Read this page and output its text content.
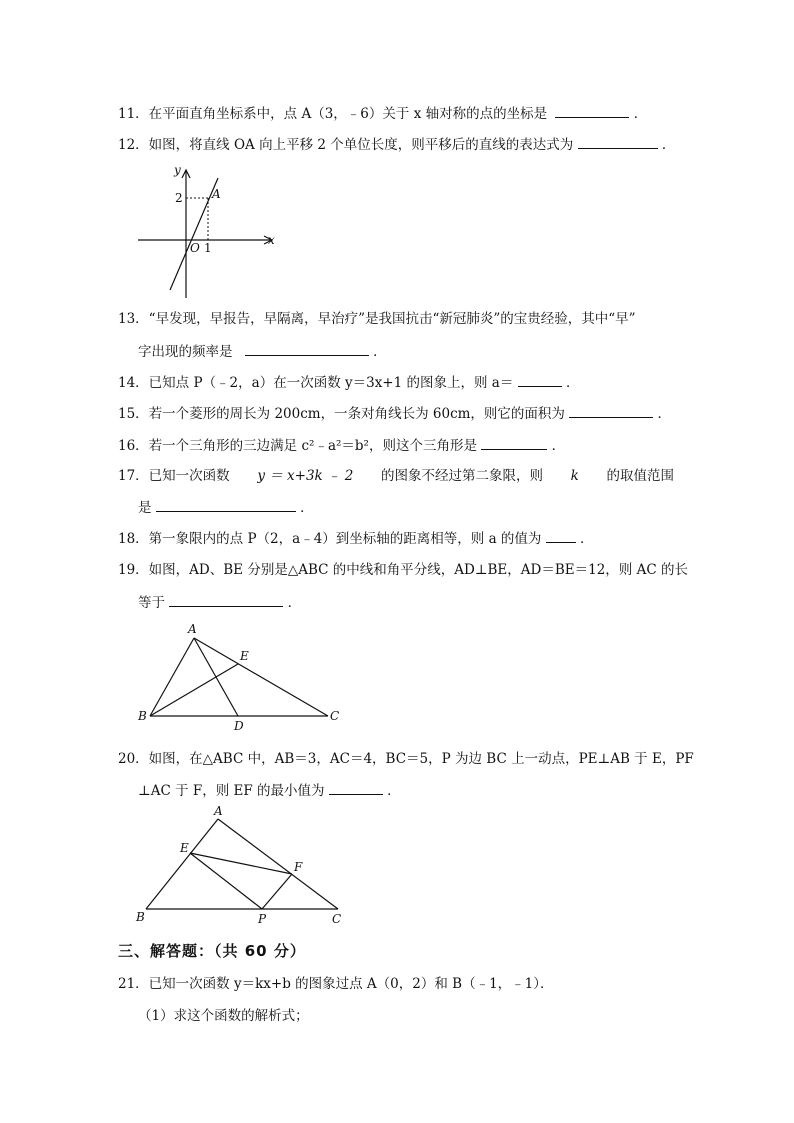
11．在平面直角坐标系中，点 A（3，﹣6）关于 x 轴对称的点的坐标是	．
12．如图，将直线 OA 向上平移 2 个单位长度，则平移后的直线的表达式为	．
y
x
2 A
O 1
13．“早发现，早报告，早隔离，早治疗”是我国抗击“新冠肺炎”的宝贵经验，其中“早”
字出现的频率是	．
14．已知点 P（﹣2，a）在一次函数 y＝3x+1 的图象上，则 a＝	．
15．若一个菱形的周长为 200cm，一条对角线长为 60cm，则它的面积为	．
16．若一个三角形的三边满足 c²﹣a²＝b²，则这个三角形是	．
17．已知一次函数 y ＝ x+3k ﹣ 2 的图象不经过第二象限，则 k 的取值范围
是	．
18．第一象限内的点 P（2，a﹣4）到坐标轴的距离相等，则 a 的值为	．
19．如图，AD、BE 分别是△ABC 的中线和角平分线，AD⊥BE，AD＝BE＝12，则 AC 的长
等于	．
A
B	C
D
E
20．如图，在△ABC 中，AB＝3，AC＝4，BC＝5，P 为边 BC 上一动点，PE⊥AB 于 E，PF
⊥AC 于 F，则 EF 的最小值为	．
A
B	C
E
F
P
三、解答题：（共 60 分）
21．已知一次函数 y＝kx+b 的图象过点 A（0，2）和 B（﹣1，﹣1）．
（1）求这个函数的解析式；
